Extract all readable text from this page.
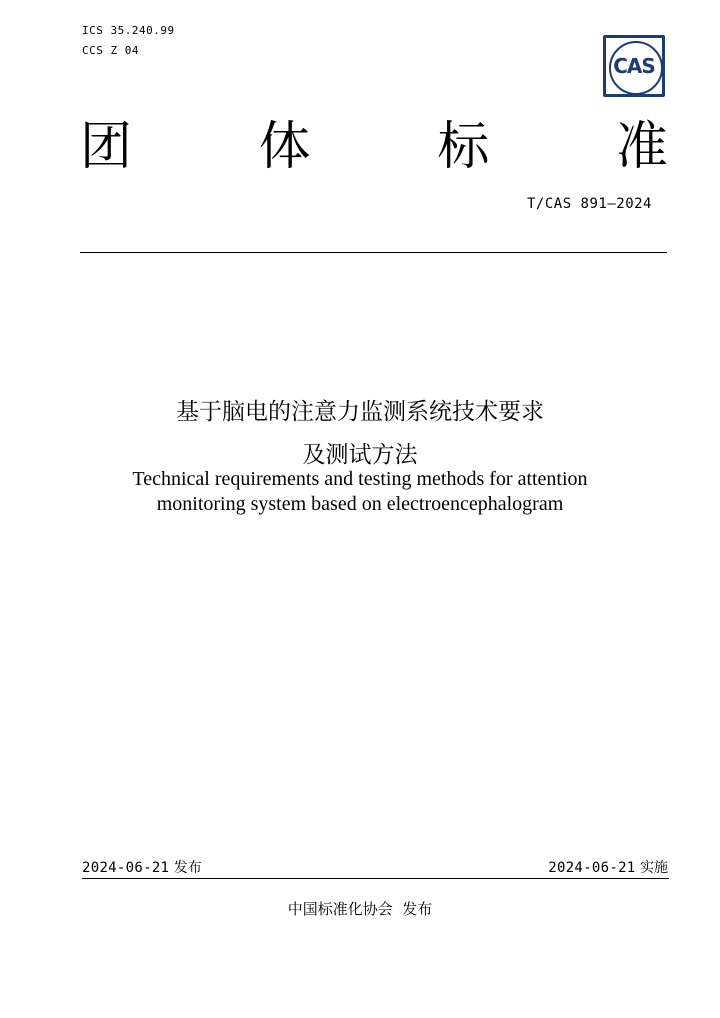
ICS 35.240.99
CCS Z 04
CAS
团 体 标 准
T/CAS 891—2024
基于脑电的注意力监测系统技术要求
及测试方法
Technical requirements and testing methods for attention
monitoring system based on electroencephalogram
2024-06-21 发布	2024-06-21 实施
中国标准化协会  发布
